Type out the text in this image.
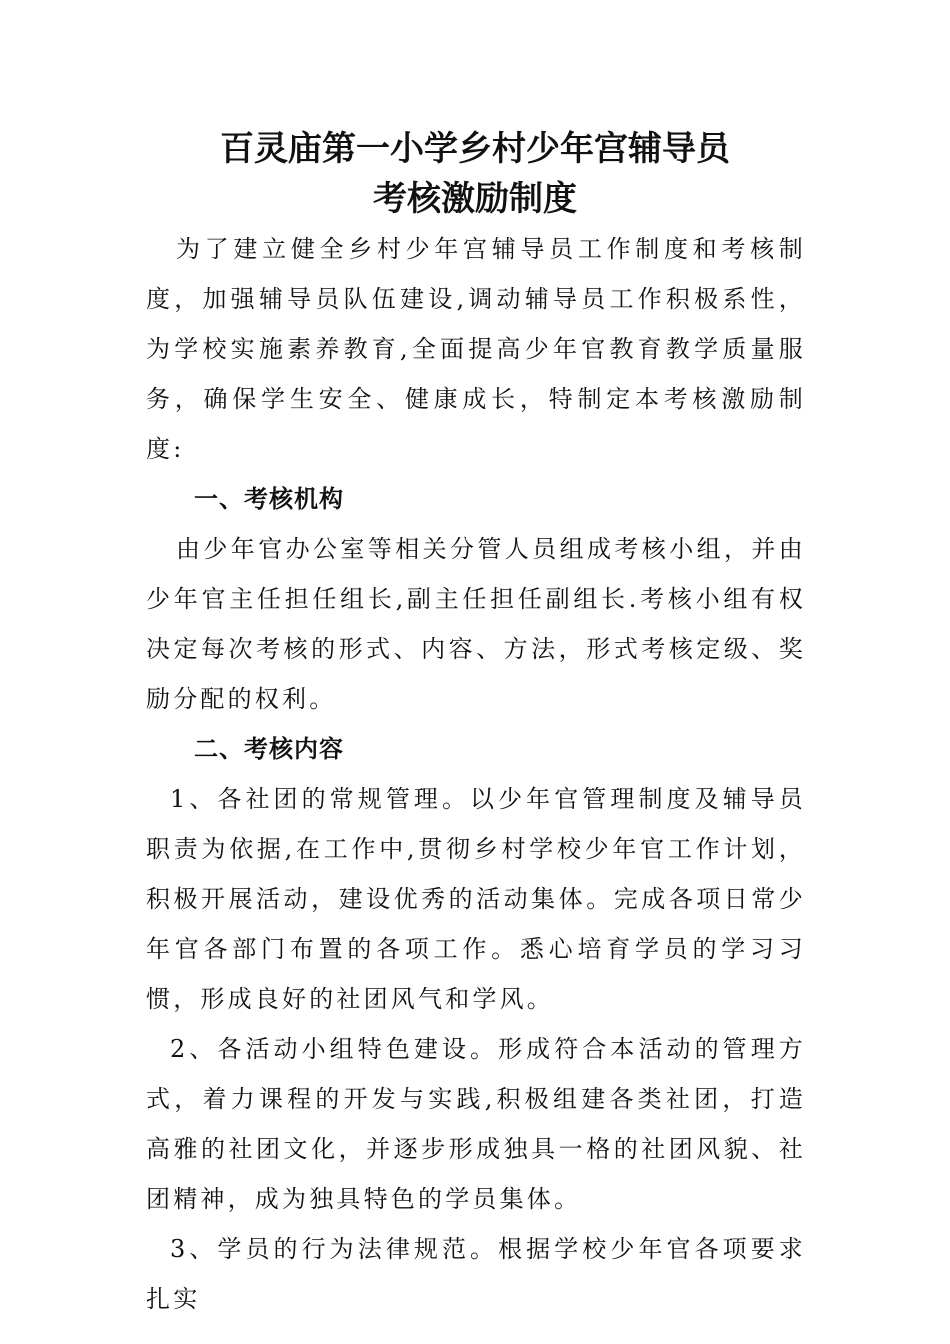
百灵庙第一小学乡村少年宫辅导员
考核激励制度

为了建立健全乡村少年宫辅导员工作制度和考核制度，加强辅导员队伍建设,调动辅导员工作积极系性，为学校实施素养教育,全面提高少年官教育教学质量服务，确保学生安全、健康成长，特制定本考核激励制度:

一、考核机构

由少年官办公室等相关分管人员组成考核小组，并由少年官主任担任组长,副主任担任副组长.考核小组有权决定每次考核的形式、内容、方法，形式考核定级、奖励分配的权利。

二、考核内容

1、各社团的常规管理。以少年官管理制度及辅导员职责为依据,在工作中,贯彻乡村学校少年官工作计划，积极开展活动，建设优秀的活动集体。完成各项日常少年官各部门布置的各项工作。悉心培育学员的学习习惯，形成良好的社团风气和学风。

2、各活动小组特色建设。形成符合本活动的管理方式，着力课程的开发与实践,积极组建各类社团，打造高雅的社团文化，并逐步形成独具一格的社团风貌、社团精神，成为独具特色的学员集体。

3、学员的行为法律规范。根据学校少年官各项要求扎实
